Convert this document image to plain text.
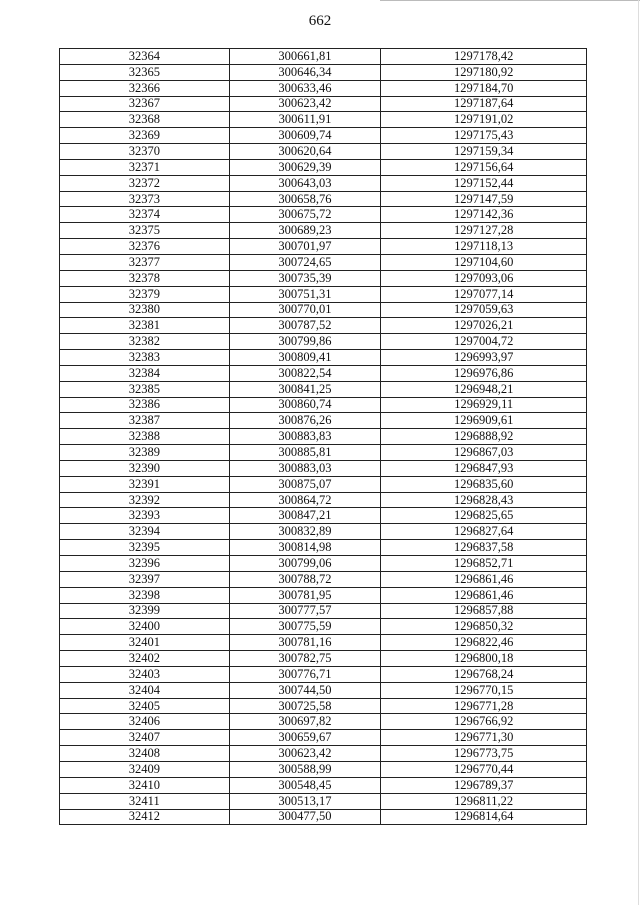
662
32364	300661,81	1297178,42
32365	300646,34	1297180,92
32366	300633,46	1297184,70
32367	300623,42	1297187,64
32368	300611,91	1297191,02
32369	300609,74	1297175,43
32370	300620,64	1297159,34
32371	300629,39	1297156,64
32372	300643,03	1297152,44
32373	300658,76	1297147,59
32374	300675,72	1297142,36
32375	300689,23	1297127,28
32376	300701,97	1297118,13
32377	300724,65	1297104,60
32378	300735,39	1297093,06
32379	300751,31	1297077,14
32380	300770,01	1297059,63
32381	300787,52	1297026,21
32382	300799,86	1297004,72
32383	300809,41	1296993,97
32384	300822,54	1296976,86
32385	300841,25	1296948,21
32386	300860,74	1296929,11
32387	300876,26	1296909,61
32388	300883,83	1296888,92
32389	300885,81	1296867,03
32390	300883,03	1296847,93
32391	300875,07	1296835,60
32392	300864,72	1296828,43
32393	300847,21	1296825,65
32394	300832,89	1296827,64
32395	300814,98	1296837,58
32396	300799,06	1296852,71
32397	300788,72	1296861,46
32398	300781,95	1296861,46
32399	300777,57	1296857,88
32400	300775,59	1296850,32
32401	300781,16	1296822,46
32402	300782,75	1296800,18
32403	300776,71	1296768,24
32404	300744,50	1296770,15
32405	300725,58	1296771,28
32406	300697,82	1296766,92
32407	300659,67	1296771,30
32408	300623,42	1296773,75
32409	300588,99	1296770,44
32410	300548,45	1296789,37
32411	300513,17	1296811,22
32412	300477,50	1296814,64
